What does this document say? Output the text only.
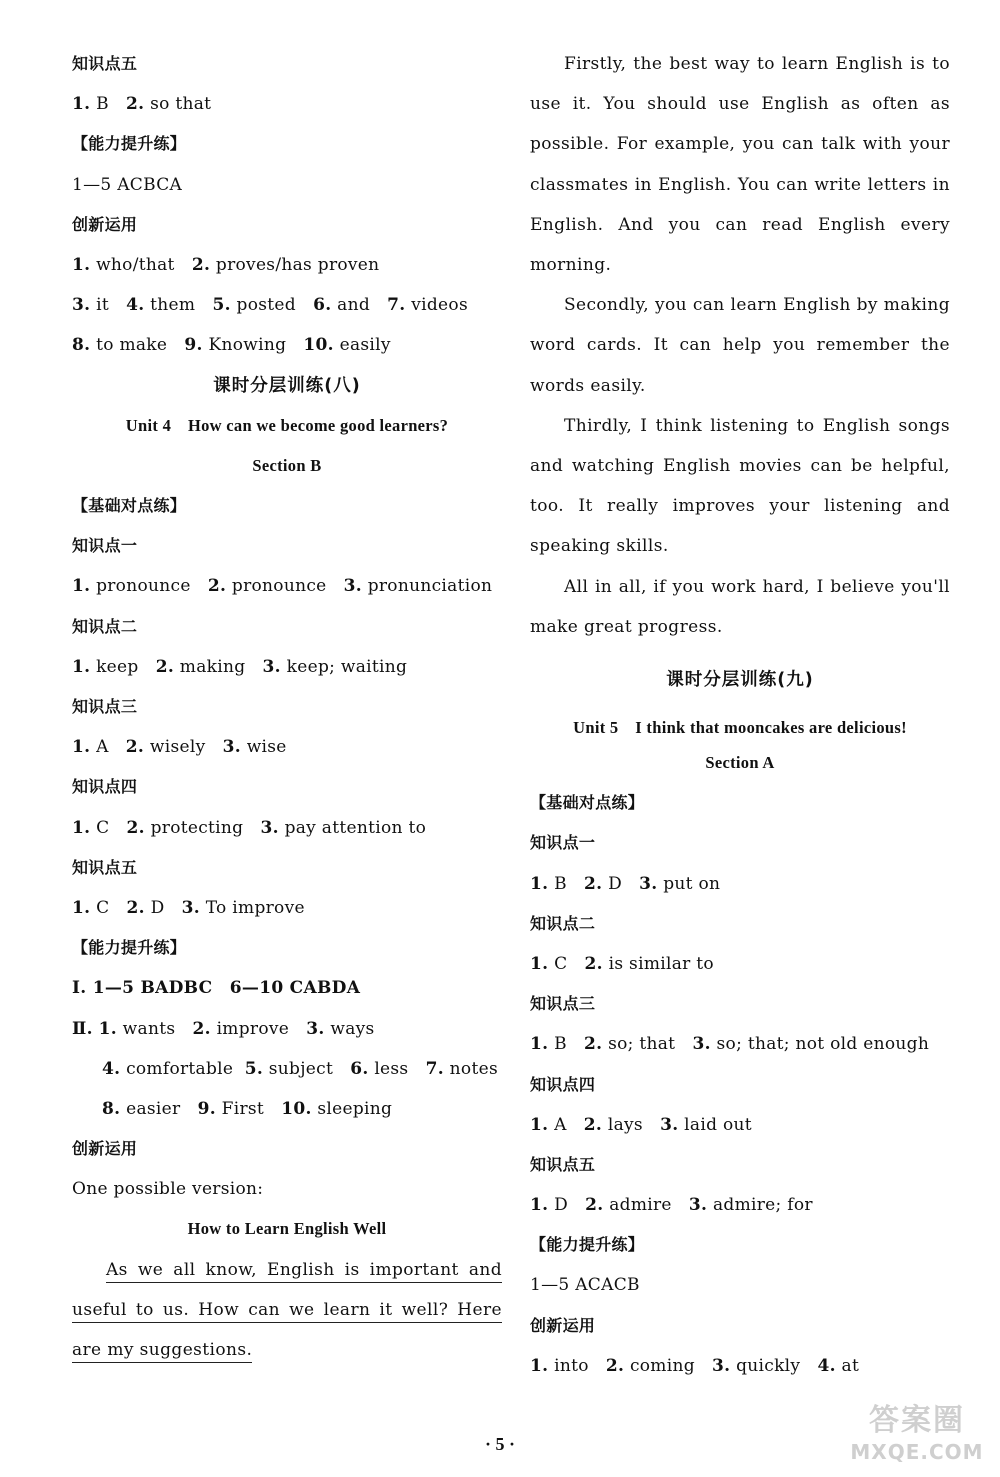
知识点五
1. B 2. so that
【能力提升练】
1—5 ACBCA
创新运用
1. who/that 2. proves/has proven
3. it 4. them 5. posted 6. and 7. videos
8. to make 9. Knowing 10. easily
课时分层训练(八)
Unit 4　How can we become good learners?
Section B
【基础对点练】
知识点一
1. pronounce 2. pronounce 3. pronunciation
知识点二
1. keep 2. making 3. keep; waiting
知识点三
1. A 2. wisely 3. wise
知识点四
1. C 2. protecting 3. pay attention to
知识点五
1. C 2. D 3. To improve
【能力提升练】
Ⅰ. 1—5 BADBC　6—10 CABDA
Ⅱ. 1. wants 2. improve 3. ways
4. comfortable 5. subject 6. less 7. notes
8. easier 9. First 10. sleeping
创新运用
One possible version:
How to Learn English Well

As we all know, English is important and useful to us. How can we learn it well? Here are my suggestions.

Firstly, the best way to learn English is to use it. You should use English as often as possible. For example, you can talk with your classmates in English. You can write letters in English. And you can read English every morning.

Secondly, you can learn English by making word cards. It can help you remember the words easily.

Thirdly, I think listening to English songs and watching English movies can be helpful, too. It really improves your listening and speaking skills.

All in all, if you work hard, I believe you'll make great progress.

课时分层训练(九)
Unit 5　I think that mooncakes are delicious!
Section A
【基础对点练】
知识点一
1. B 2. D 3. put on
知识点二
1. C 2. is similar to
知识点三
1. B 2. so; that 3. so; that; not old enough
知识点四
1. A 2. lays 3. laid out
知识点五
1. D 2. admire 3. admire; for
【能力提升练】
1—5 ACACB
创新运用
1. into 2. coming 3. quickly 4. at
· 5 ·
答案圈
MXQE.COM
